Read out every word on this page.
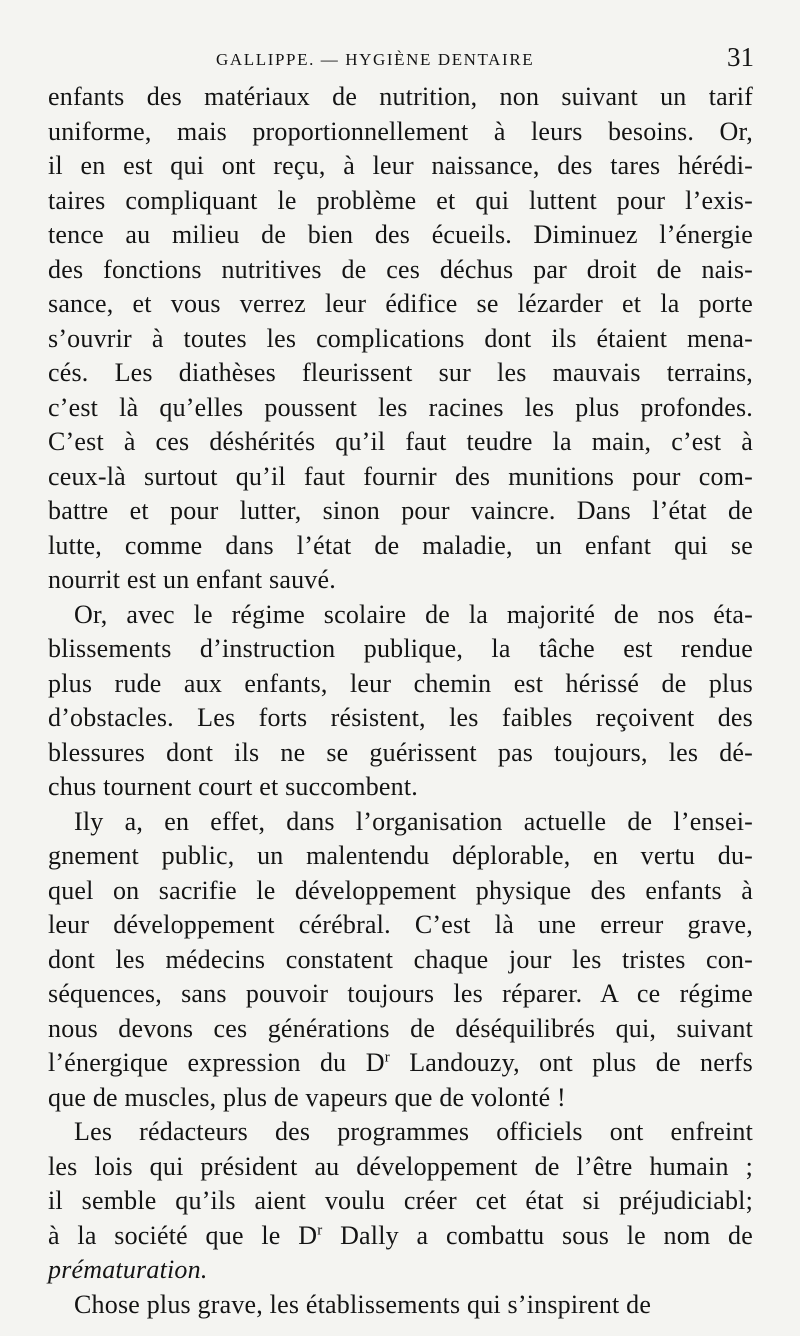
GALLIPPE. — HYGIÈNE DENTAIRE	31
enfants des matériaux de nutrition, non suivant un tarif
uniforme, mais proportionnellement à leurs besoins. Or,
il en est qui ont reçu, à leur naissance, des tares hérédi-
taires compliquant le problème et qui luttent pour l’exis-
tence au milieu de bien des écueils. Diminuez l’énergie
des fonctions nutritives de ces déchus par droit de nais-
sance, et vous verrez leur édifice se lézarder et la porte
s’ouvrir à toutes les complications dont ils étaient mena-
cés. Les diathèses fleurissent sur les mauvais terrains,
c’est là qu’elles poussent les racines les plus profondes.
C’est à ces déshérités qu’il faut teudre la main, c’est à
ceux-là surtout qu’il faut fournir des munitions pour com-
battre et pour lutter, sinon pour vaincre. Dans l’état de
lutte, comme dans l’état de maladie, un enfant qui se
nourrit est un enfant sauvé.
Or, avec le régime scolaire de la majorité de nos éta-
blissements d’instruction publique, la tâche est rendue
plus rude aux enfants, leur chemin est hérissé de plus
d’obstacles. Les forts résistent, les faibles reçoivent des
blessures dont ils ne se guérissent pas toujours, les dé-
chus tournent court et succombent.
Ily a, en effet, dans l’organisation actuelle de l’ensei-
gnement public, un malentendu déplorable, en vertu du-
quel on sacrifie le développement physique des enfants à
leur développement cérébral. C’est là une erreur grave,
dont les médecins constatent chaque jour les tristes con-
séquences, sans pouvoir toujours les réparer. A ce régime
nous devons ces générations de déséquilibrés qui, suivant
l’énergique expression du $D^r$ Landouzy, ont plus de nerfs
que de muscles, plus de vapeurs que de volonté !
Les rédacteurs des programmes officiels ont enfreint
les lois qui président au développement de l’être humain ;
il semble qu’ils aient voulu créer cet état si préjudiciabl;
à la société que le $D^r$ Dally a combattu sous le nom de
prématuration.
Chose plus grave, les établissements qui s’inspirent de
